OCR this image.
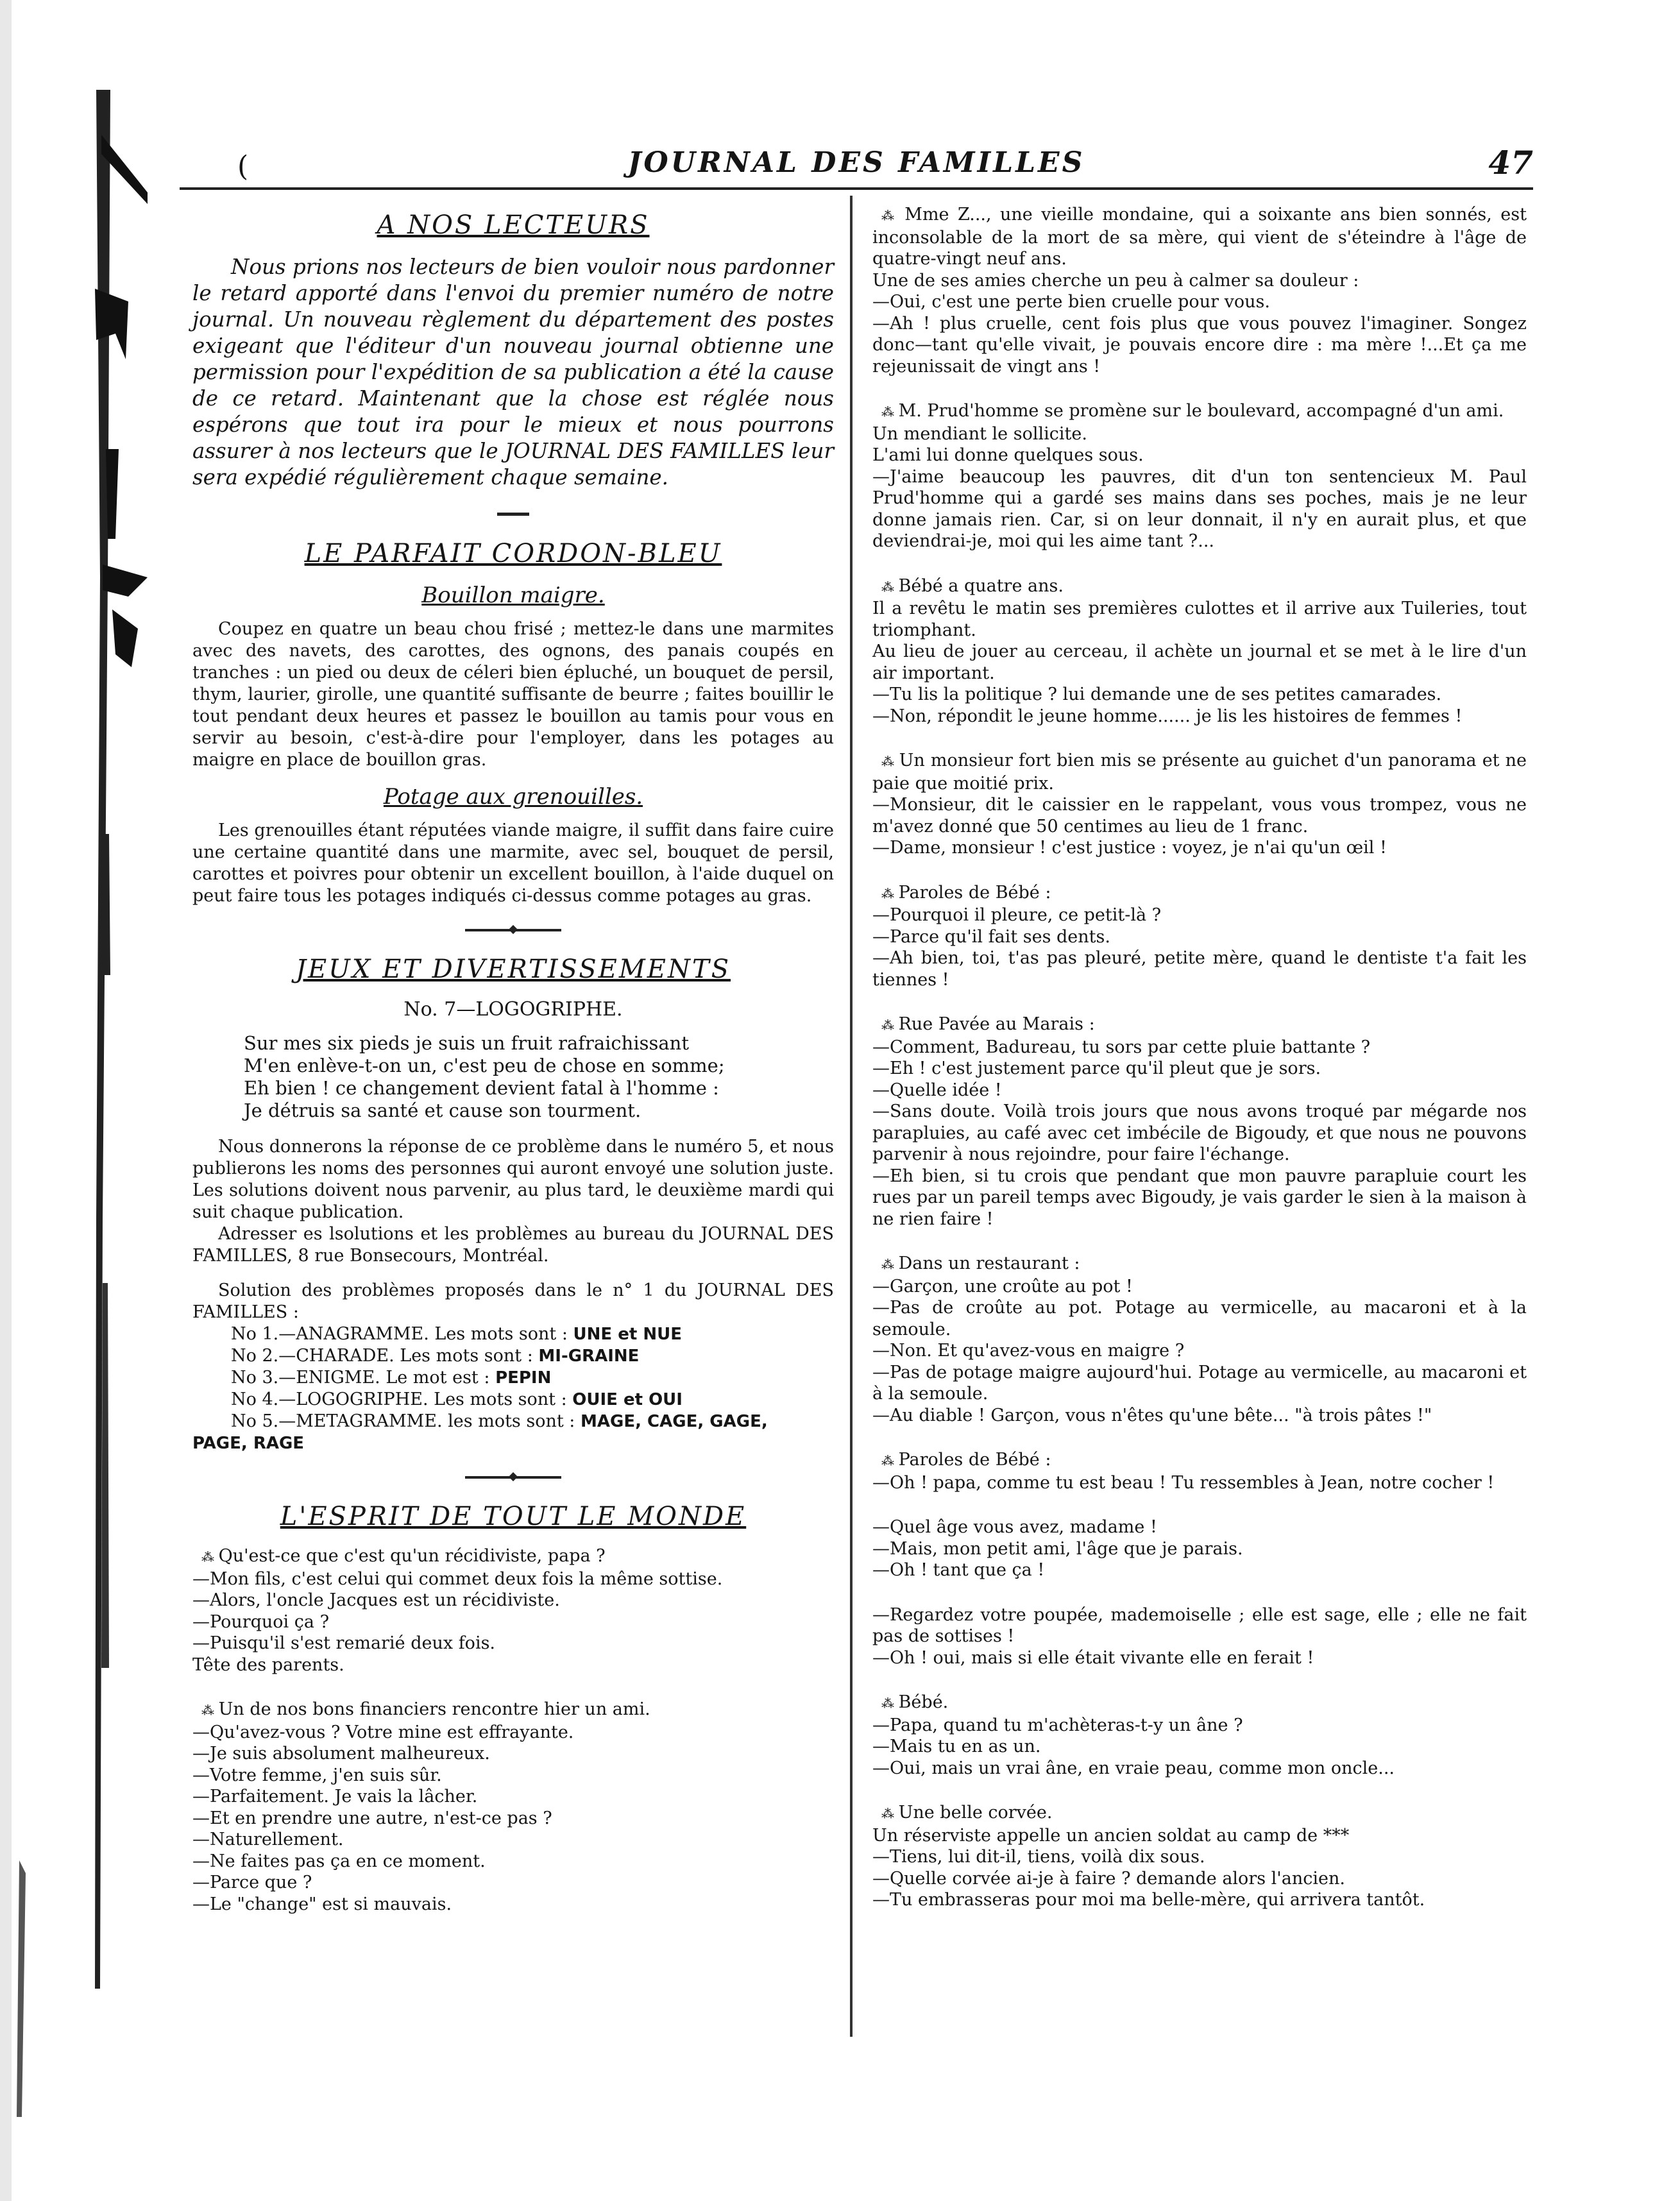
(	JOURNAL DES FAMILLES	47
A NOS LECTEURS

Nous prions nos lecteurs de bien vouloir nous pardonner le retard apporté dans l'envoi du premier numéro de notre journal. Un nouveau règlement du département des postes exigeant que l'éditeur d'un nouveau journal obtienne une permission pour l'expédition de sa publication a été la cause de ce retard. Maintenant que la chose est réglée nous espérons que tout ira pour le mieux et nous pourrons assurer à nos lecteurs que le JOURNAL DES FAMILLES leur sera expédié régulièrement chaque semaine.

LE PARFAIT CORDON-BLEU
Bouillon maigre.

Coupez en quatre un beau chou frisé ; mettez-le dans une marmites avec des navets, des carottes, des ognons, des panais coupés en tranches : un pied ou deux de céleri bien épluché, un bouquet de persil, thym, laurier, girolle, une quantité suffisante de beurre ; faites bouillir le tout pendant deux heures et passez le bouillon au tamis pour vous en servir au besoin, c'est-à-dire pour l'employer, dans les potages au maigre en place de bouillon gras.

Potage aux grenouilles.

Les grenouilles étant réputées viande maigre, il suffit dans faire cuire une certaine quantité dans une marmite, avec sel, bouquet de persil, carottes et poivres pour obtenir un excellent bouillon, à l'aide duquel on peut faire tous les potages indiqués ci-dessus comme potages au gras.

JEUX ET DIVERTISSEMENTS
No. 7—LOGOGRIPHE.
Sur mes six pieds je suis un fruit rafraichissant
M'en enlève-t-on un, c'est peu de chose en somme;
Eh bien ! ce changement devient fatal à l'homme :
Je détruis sa santé et cause son tourment.

Nous donnerons la réponse de ce problème dans le numéro 5, et nous publierons les noms des personnes qui auront envoyé une solution juste. Les solutions doivent nous parvenir, au plus tard, le deuxième mardi qui suit chaque publication.

Adresser es lsolutions et les problèmes au bureau du JOURNAL DES FAMILLES, 8 rue Bonsecours, Montréal.

Solution des problèmes proposés dans le n° 1 du JOURNAL DES FAMILLES :

No 1.—ANAGRAMME. Les mots sont : UNE et NUE
No 2.—CHARADE. Les mots sont : MI-GRAINE
No 3.—ENIGME. Le mot est : PEPIN
No 4.—LOGOGRIPHE. Les mots sont : OUIE et OUI
No 5.—METAGRAMME. les mots sont : MAGE, CAGE, GAGE,
PAGE, RAGE
L'ESPRIT DE TOUT LE MONDE
⁂ Qu'est-ce que c'est qu'un récidiviste, papa ?
—Mon fils, c'est celui qui commet deux fois la même sottise.
—Alors, l'oncle Jacques est un récidiviste.
—Pourquoi ça ?
—Puisqu'il s'est remarié deux fois.
Tête des parents.
⁂ Un de nos bons financiers rencontre hier un ami.
—Qu'avez-vous ? Votre mine est effrayante.
—Je suis absolument malheureux.
—Votre femme, j'en suis sûr.
—Parfaitement. Je vais la lâcher.
—Et en prendre une autre, n'est-ce pas ?
—Naturellement.
—Ne faites pas ça en ce moment.
—Parce que ?
—Le "change" est si mauvais.
⁂ Mme Z..., une vieille mondaine, qui a soixante ans bien sonnés, est inconsolable de la mort de sa mère, qui vient de s'éteindre à l'âge de quatre-vingt neuf ans.
Une de ses amies cherche un peu à calmer sa douleur :
—Oui, c'est une perte bien cruelle pour vous.
—Ah ! plus cruelle, cent fois plus que vous pouvez l'imaginer. Songez donc—tant qu'elle vivait, je pouvais encore dire : ma mère !...Et ça me rejeunissait de vingt ans !
⁂ M. Prud'homme se promène sur le boulevard, accompagné d'un ami.
Un mendiant le sollicite.
L'ami lui donne quelques sous.
—J'aime beaucoup les pauvres, dit d'un ton sentencieux M. Paul Prud'homme qui a gardé ses mains dans ses poches, mais je ne leur donne jamais rien. Car, si on leur donnait, il n'y en aurait plus, et que deviendrai-je, moi qui les aime tant ?...
⁂ Bébé a quatre ans.
Il a revêtu le matin ses premières culottes et il arrive aux Tuileries, tout triomphant.
Au lieu de jouer au cerceau, il achète un journal et se met à le lire d'un air important.
—Tu lis la politique ? lui demande une de ses petites camarades.
—Non, répondit le jeune homme...... je lis les histoires de femmes !
⁂ Un monsieur fort bien mis se présente au guichet d'un panorama et ne paie que moitié prix.
—Monsieur, dit le caissier en le rappelant, vous vous trompez, vous ne m'avez donné que 50 centimes au lieu de 1 franc.
—Dame, monsieur ! c'est justice : voyez, je n'ai qu'un œil !
⁂ Paroles de Bébé :
—Pourquoi il pleure, ce petit-là ?
—Parce qu'il fait ses dents.
—Ah bien, toi, t'as pas pleuré, petite mère, quand le dentiste t'a fait les tiennes !
⁂ Rue Pavée au Marais :
—Comment, Badureau, tu sors par cette pluie battante ?
—Eh ! c'est justement parce qu'il pleut que je sors.
—Quelle idée !
—Sans doute. Voilà trois jours que nous avons troqué par mégarde nos parapluies, au café avec cet imbécile de Bigoudy, et que nous ne pouvons parvenir à nous rejoindre, pour faire l'échange.
—Eh bien, si tu crois que pendant que mon pauvre parapluie court les rues par un pareil temps avec Bigoudy, je vais garder le sien à la maison à ne rien faire !
⁂ Dans un restaurant :
—Garçon, une croûte au pot !
—Pas de croûte au pot. Potage au vermicelle, au macaroni et à la semoule.
—Non. Et qu'avez-vous en maigre ?
—Pas de potage maigre aujourd'hui. Potage au vermicelle, au macaroni et à la semoule.
—Au diable ! Garçon, vous n'êtes qu'une bête... "à trois pâtes !"
⁂ Paroles de Bébé :
—Oh ! papa, comme tu est beau ! Tu ressembles à Jean, notre cocher !
—Quel âge vous avez, madame !
—Mais, mon petit ami, l'âge que je parais.
—Oh ! tant que ça !
—Regardez votre poupée, mademoiselle ; elle est sage, elle ; elle ne fait pas de sottises !
—Oh ! oui, mais si elle était vivante elle en ferait !
⁂ Bébé.
—Papa, quand tu m'achèteras-t-y un âne ?
—Mais tu en as un.
—Oui, mais un vrai âne, en vraie peau, comme mon oncle...
⁂ Une belle corvée.
Un réserviste appelle un ancien soldat au camp de ***
—Tiens, lui dit-il, tiens, voilà dix sous.
—Quelle corvée ai-je à faire ? demande alors l'ancien.
—Tu embrasseras pour moi ma belle-mère, qui arrivera tantôt.
